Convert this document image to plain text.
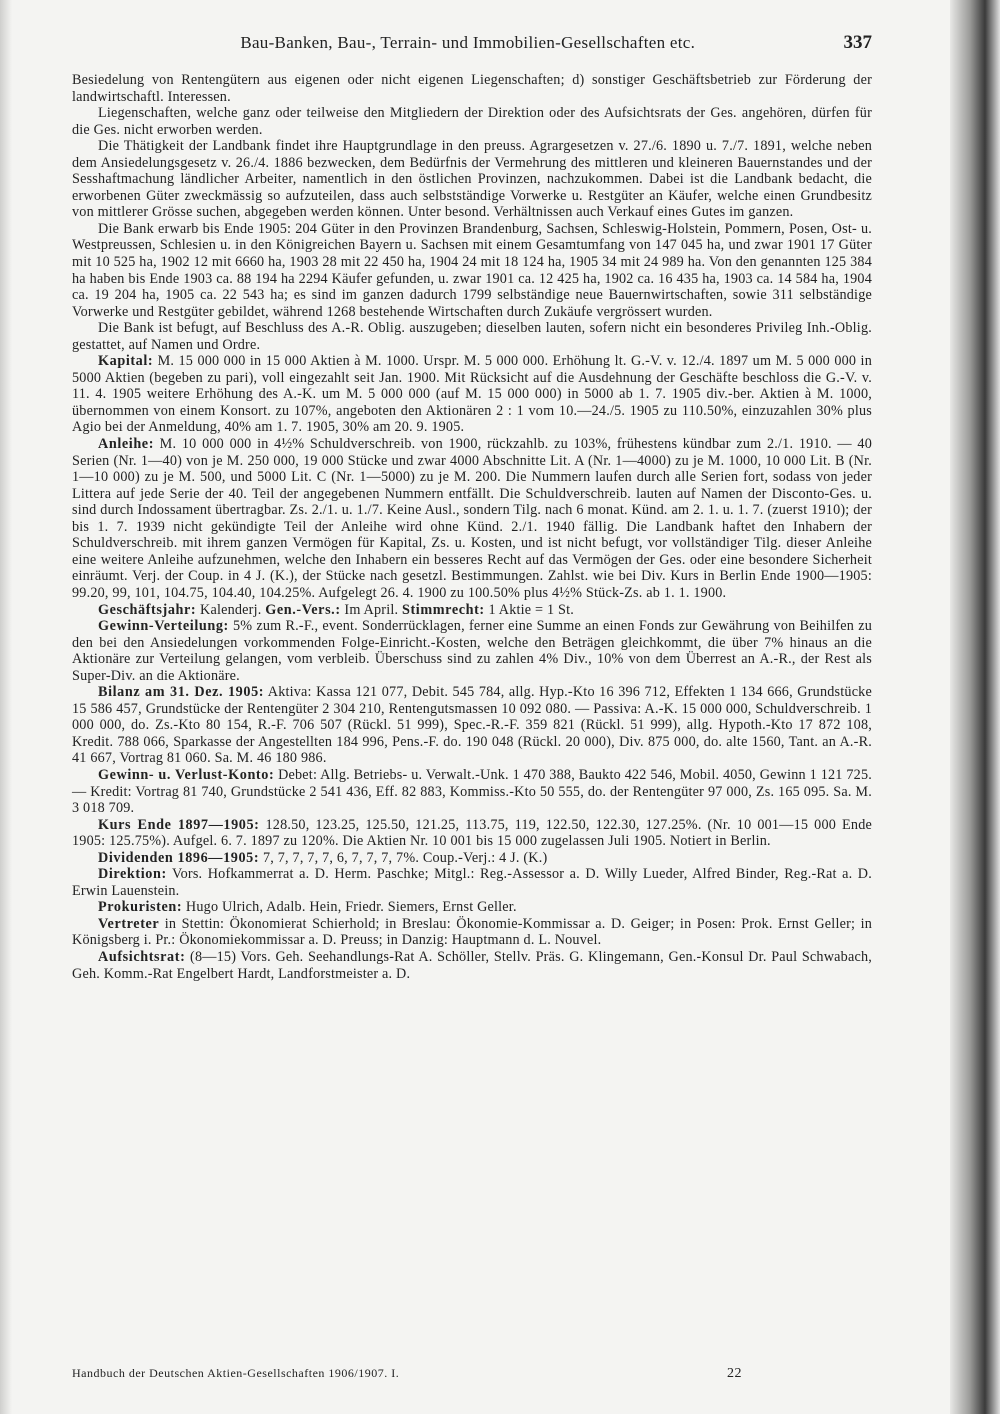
Bau-Banken, Bau-, Terrain- und Immobilien-Gesellschaften etc.	337

Besiedelung von Rentengütern aus eigenen oder nicht eigenen Liegenschaften; d) sonstiger Geschäftsbetrieb zur Förderung der landwirtschaftl. Interessen.

Liegenschaften, welche ganz oder teilweise den Mitgliedern der Direktion oder des Aufsichtsrats der Ges. angehören, dürfen für die Ges. nicht erworben werden.

Die Thätigkeit der Landbank findet ihre Hauptgrundlage in den preuss. Agrargesetzen v. 27./6. 1890 u. 7./7. 1891, welche neben dem Ansiedelungsgesetz v. 26./4. 1886 bezwecken, dem Bedürfnis der Vermehrung des mittleren und kleineren Bauernstandes und der Sesshaftmachung ländlicher Arbeiter, namentlich in den östlichen Provinzen, nachzukommen. Dabei ist die Landbank bedacht, die erworbenen Güter zweckmässig so aufzuteilen, dass auch selbstständige Vorwerke u. Restgüter an Käufer, welche einen Grundbesitz von mittlerer Grösse suchen, abgegeben werden können. Unter besond. Verhältnissen auch Verkauf eines Gutes im ganzen.

Die Bank erwarb bis Ende 1905: 204 Güter in den Provinzen Brandenburg, Sachsen, Schleswig-Holstein, Pommern, Posen, Ost- u. Westpreussen, Schlesien u. in den Königreichen Bayern u. Sachsen mit einem Gesamtumfang von 147 045 ha, und zwar 1901 17 Güter mit 10 525 ha, 1902 12 mit 6660 ha, 1903 28 mit 22 450 ha, 1904 24 mit 18 124 ha, 1905 34 mit 24 989 ha. Von den genannten 125 384 ha haben bis Ende 1903 ca. 88 194 ha 2294 Käufer gefunden, u. zwar 1901 ca. 12 425 ha, 1902 ca. 16 435 ha, 1903 ca. 14 584 ha, 1904 ca. 19 204 ha, 1905 ca. 22 543 ha; es sind im ganzen dadurch 1799 selbständige neue Bauernwirtschaften, sowie 311 selbständige Vorwerke und Restgüter gebildet, während 1268 bestehende Wirtschaften durch Zukäufe vergrössert wurden.

Die Bank ist befugt, auf Beschluss des A.-R. Oblig. auszugeben; dieselben lauten, sofern nicht ein besonderes Privileg Inh.-Oblig. gestattet, auf Namen und Ordre.

Kapital: M. 15 000 000 in 15 000 Aktien à M. 1000. Urspr. M. 5 000 000. Erhöhung lt. G.-V. v. 12./4. 1897 um M. 5 000 000 in 5000 Aktien (begeben zu pari), voll eingezahlt seit Jan. 1900. Mit Rücksicht auf die Ausdehnung der Geschäfte beschloss die G.-V. v. 11. 4. 1905 weitere Erhöhung des A.-K. um M. 5 000 000 (auf M. 15 000 000) in 5000 ab 1. 7. 1905 div.-ber. Aktien à M. 1000, übernommen von einem Konsort. zu 107%, angeboten den Aktionären 2 : 1 vom 10.—24./5. 1905 zu 110.50%, einzuzahlen 30% plus Agio bei der Anmeldung, 40% am 1. 7. 1905, 30% am 20. 9. 1905.

Anleihe: M. 10 000 000 in 4½% Schuldverschreib. von 1900, rückzahlb. zu 103%, frühestens kündbar zum 2./1. 1910. — 40 Serien (Nr. 1—40) von je M. 250 000, 19 000 Stücke und zwar 4000 Abschnitte Lit. A (Nr. 1—4000) zu je M. 1000, 10 000 Lit. B (Nr. 1—10 000) zu je M. 500, und 5000 Lit. C (Nr. 1—5000) zu je M. 200. Die Nummern laufen durch alle Serien fort, sodass von jeder Littera auf jede Serie der 40. Teil der angegebenen Nummern entfällt. Die Schuldverschreib. lauten auf Namen der Disconto-Ges. u. sind durch Indossament übertragbar. Zs. 2./1. u. 1./7. Keine Ausl., sondern Tilg. nach 6 monat. Künd. am 2. 1. u. 1. 7. (zuerst 1910); der bis 1. 7. 1939 nicht gekündigte Teil der Anleihe wird ohne Künd. 2./1. 1940 fällig. Die Landbank haftet den Inhabern der Schuldverschreib. mit ihrem ganzen Vermögen für Kapital, Zs. u. Kosten, und ist nicht befugt, vor vollständiger Tilg. dieser Anleihe eine weitere Anleihe aufzunehmen, welche den Inhabern ein besseres Recht auf das Vermögen der Ges. oder eine besondere Sicherheit einräumt. Verj. der Coup. in 4 J. (K.), der Stücke nach gesetzl. Bestimmungen. Zahlst. wie bei Div. Kurs in Berlin Ende 1900—1905: 99.20, 99, 101, 104.75, 104.40, 104.25%. Aufgelegt 26. 4. 1900 zu 100.50% plus 4½% Stück-Zs. ab 1. 1. 1900.

Geschäftsjahr: Kalenderj. Gen.-Vers.: Im April. Stimmrecht: 1 Aktie = 1 St.

Gewinn-Verteilung: 5% zum R.-F., event. Sonderrücklagen, ferner eine Summe an einen Fonds zur Gewährung von Beihilfen zu den bei den Ansiedelungen vorkommenden Folge-Einricht.-Kosten, welche den Beträgen gleichkommt, die über 7% hinaus an die Aktionäre zur Verteilung gelangen, vom verbleib. Überschuss sind zu zahlen 4% Div., 10% von dem Überrest an A.-R., der Rest als Super-Div. an die Aktionäre.

Bilanz am 31. Dez. 1905: Aktiva: Kassa 121 077, Debit. 545 784, allg. Hyp.-Kto 16 396 712, Effekten 1 134 666, Grundstücke 15 586 457, Grundstücke der Rentengüter 2 304 210, Rentengutsmassen 10 092 080. — Passiva: A.-K. 15 000 000, Schuldverschreib. 1 000 000, do. Zs.-Kto 80 154, R.-F. 706 507 (Rückl. 51 999), Spec.-R.-F. 359 821 (Rückl. 51 999), allg. Hypoth.-Kto 17 872 108, Kredit. 788 066, Sparkasse der Angestellten 184 996, Pens.-F. do. 190 048 (Rückl. 20 000), Div. 875 000, do. alte 1560, Tant. an A.-R. 41 667, Vortrag 81 060. Sa. M. 46 180 986.

Gewinn- u. Verlust-Konto: Debet: Allg. Betriebs- u. Verwalt.-Unk. 1 470 388, Baukto 422 546, Mobil. 4050, Gewinn 1 121 725. — Kredit: Vortrag 81 740, Grundstücke 2 541 436, Eff. 82 883, Kommiss.-Kto 50 555, do. der Rentengüter 97 000, Zs. 165 095. Sa. M. 3 018 709.

Kurs Ende 1897—1905: 128.50, 123.25, 125.50, 121.25, 113.75, 119, 122.50, 122.30, 127.25%. (Nr. 10 001—15 000 Ende 1905: 125.75%). Aufgel. 6. 7. 1897 zu 120%. Die Aktien Nr. 10 001 bis 15 000 zugelassen Juli 1905. Notiert in Berlin.

Dividenden 1896—1905: 7, 7, 7, 7, 7, 6, 7, 7, 7, 7%. Coup.-Verj.: 4 J. (K.)

Direktion: Vors. Hofkammerrat a. D. Herm. Paschke; Mitgl.: Reg.-Assessor a. D. Willy Lueder, Alfred Binder, Reg.-Rat a. D. Erwin Lauenstein.

Prokuristen: Hugo Ulrich, Adalb. Hein, Friedr. Siemers, Ernst Geller.

Vertreter in Stettin: Ökonomierat Schierhold; in Breslau: Ökonomie-Kommissar a. D. Geiger; in Posen: Prok. Ernst Geller; in Königsberg i. Pr.: Ökonomiekommissar a. D. Preuss; in Danzig: Hauptmann d. L. Nouvel.

Aufsichtsrat: (8—15) Vors. Geh. Seehandlungs-Rat A. Schöller, Stellv. Präs. G. Klingemann, Gen.-Konsul Dr. Paul Schwabach, Geh. Komm.-Rat Engelbert Hardt, Landforstmeister a. D.

Handbuch der Deutschen Aktien-Gesellschaften 1906/1907. I.	22
